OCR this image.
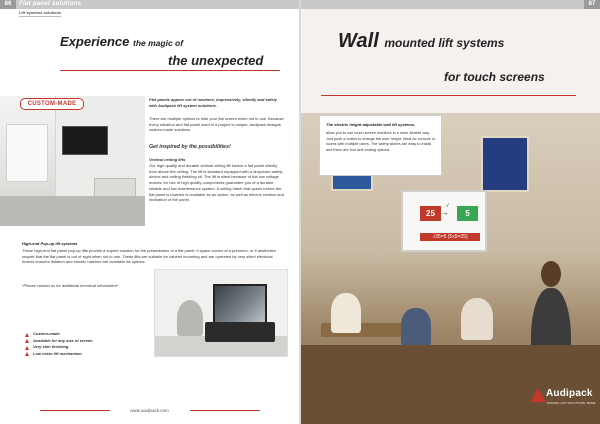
86	Flat panel solutions
Lift systems solutions
Experience the magic of
the unexpected
CUSTOM-MADE
Flat panels appear out of nowhere, impressively, silently and safely with Audipack lift system solutions.
There are multiple options to hide your flat screen when not in use. Because every situation and flat panel used in a project is unique, Audipack designs custom-made solutions.
Get inspired by the possibilities!
Vertical ceiling lifts
Our high quality and durable vertical ceiling lift lowers a flat panel silently from above the ceiling. The lift is standard equipped with a dropdown safety device and ceiling finishing kit. The lift is silent because of the low voltage motors; for use of high quality components guarantee you of a durable, reliable and low maintenance system. A ceiling hatch that opens before the flat panel is lowered is available as an option, as well as electric rotation and inclination of the panel.
High-end Pop-up lift systems
These high-end flat panel pop-up lifts provide a superb solution for the presentation of a flat panel, if space comes at a premium, or if aesthetics require that the flat panel is out of sight when not in use. These lifts are suitable for cabinet mounting and are operated by very silent electrical motors ensures flotation and electric hatches are available as options.
*Please contact us for additional technical information*
Custom-made
Available for any size of screen
Very slim finishing
Low noise lift mechanism
www.audipack.com
87
Wall mounted lift systems
for touch screens
25
√
→	5
√25=5 (5x5=25)
The electric height adjustable wall lift systems,
allow you to use touch screen monitors in a more flexible way. Just push a button to change the user height. Ideal for schools or rooms with multiple users. The safety sliders are easy to install and there are four anti-ending options.
Audipack
STANDS. LIFT SOLUTIONS. MORE
